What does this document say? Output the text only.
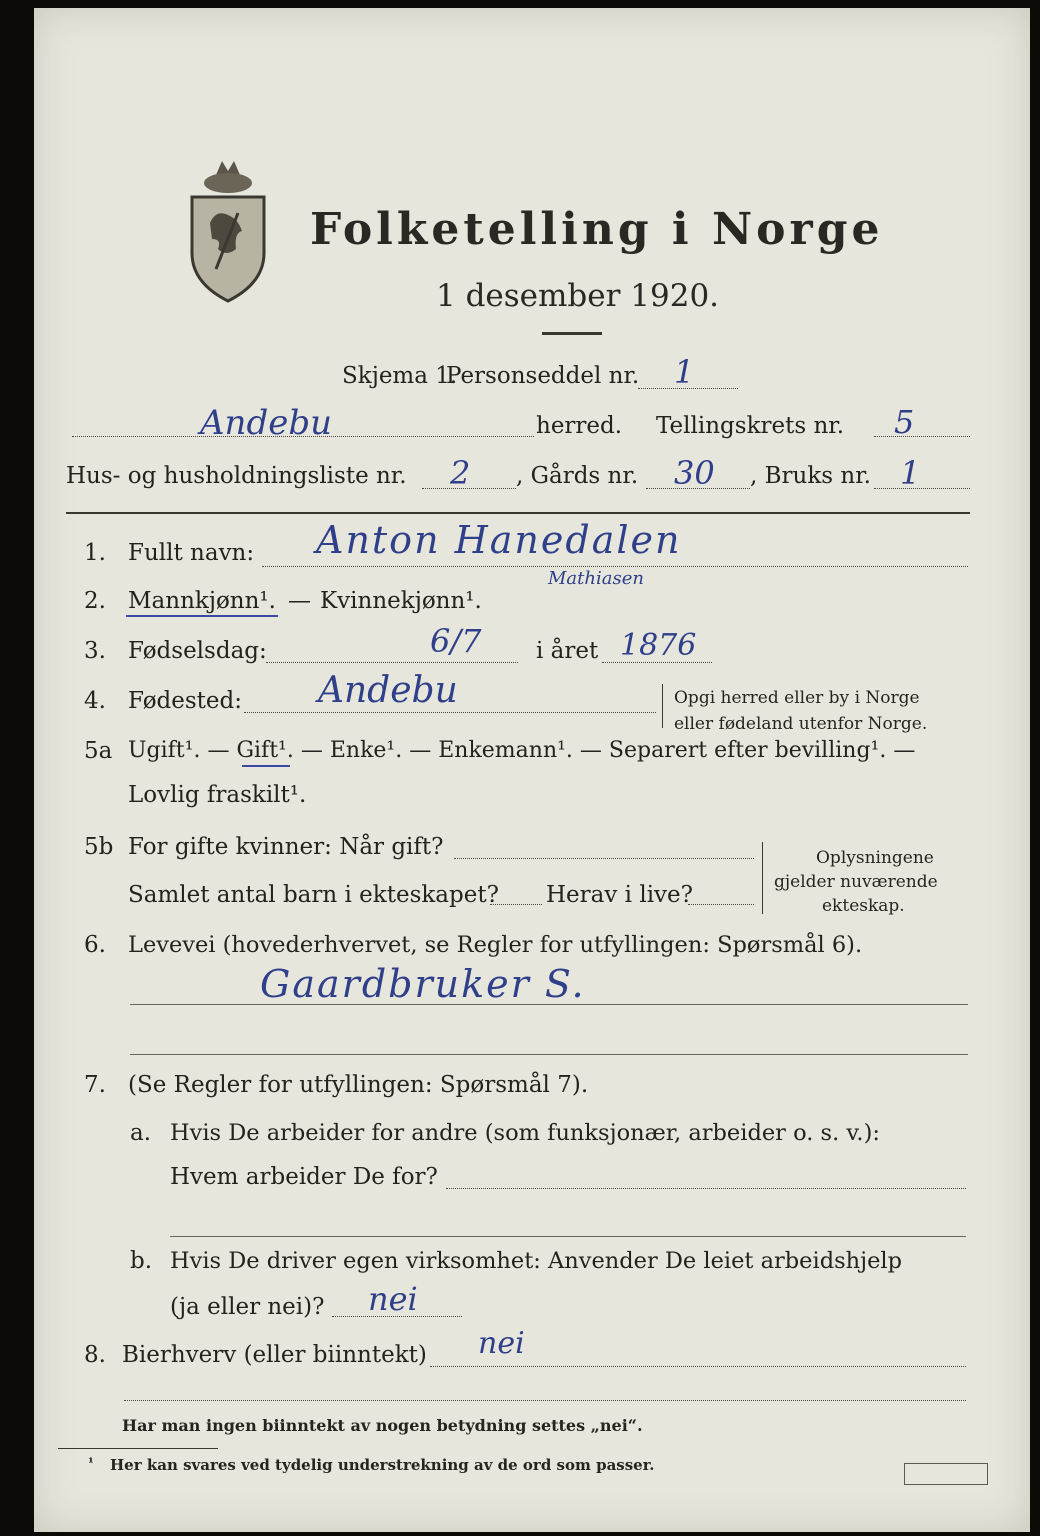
Folketelling i Norge
1 desember 1920.
Skjema 1.
Personseddel nr. 1
Andebu	herred. Tellingskrets nr. 5
Hus- og husholdningsliste nr. 2 , Gårds nr. 30 , Bruks nr. 1
1. Fullt navn: Anton Hanedalen
Mathiasen
2. Mannkjønn¹. — Kvinnekjønn¹.
3. Fødselsdag:	6/7 i året 1876
4. Fødested: Andebu	Opgi herred eller by i Norge
eller fødeland utenfor Norge.
5a Ugift¹. — Gift¹. — Enke¹. — Enkemann¹. — Separert efter bevilling¹. —
Lovlig fraskilt¹.
5b For gifte kvinner: Når gift?
Samlet antal barn i ekteskapet? Herav i live?
Oplysningene
gjelder nuværende
ekteskap.
6. Levevei (hovederhvervet, se Regler for utfyllingen: Spørsmål 6).
Gaardbruker S.
7. (Se Regler for utfyllingen: Spørsmål 7).
a. Hvis De arbeider for andre (som funksjonær, arbeider o. s. v.):
Hvem arbeider De for?
b. Hvis De driver egen virksomhet: Anvender De leiet arbeidshjelp
(ja eller nei)? nei
8. Bierhverv (eller biinntekt) nei
Har man ingen biinntekt av nogen betydning settes „nei“.
¹ Her kan svares ved tydelig understrekning av de ord som passer.
